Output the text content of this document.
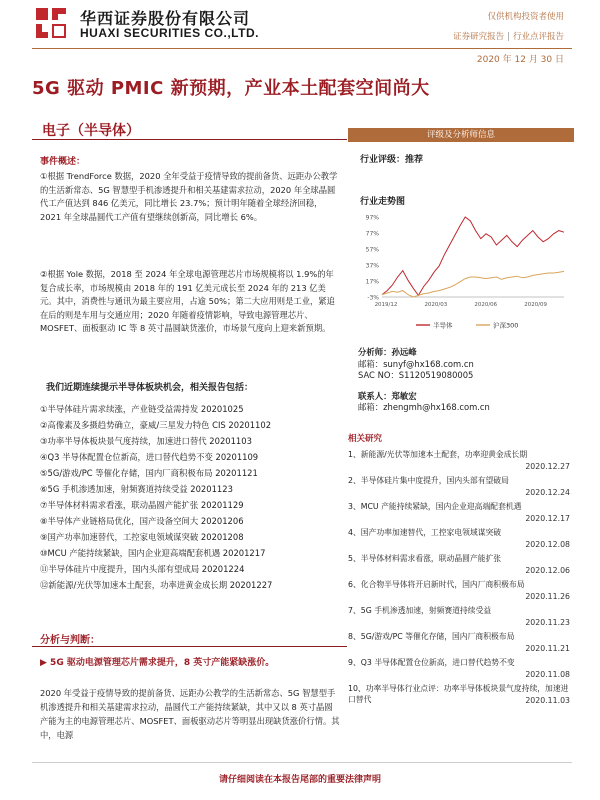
华西证券股份有限公司
HUAXI SECURITIES CO.,LTD.
仅供机构投资者使用
证券研究报告 | 行业点评报告
2020 年 12 月 30 日
5G 驱动 PMIC 新预期，产业本土配套空间尚大
电子（半导体）
事件概述：

①根据 TrendForce 数据，2020 全年受益于疫情导致的提前备货、远距办公教学的生活新常态、5G 智慧型手机渗透提升和相关基建需求拉动，2020 年全球晶圆代工产值达到 846 亿美元，同比增长 23.7%；预计明年随着全球经济回稳，2021 年全球晶圆代工产值有望继续创新高，同比增长 6%。

②根据 Yole 数据，2018 至 2024 年全球电源管理芯片市场规模将以 1.9%的年复合成长率，市场规模由 2018 年的 191 亿美元成长至 2024 年的 213 亿美元。其中，消费性与通讯为最主要应用，占逾 50%；第二大应用则是工业，紧追在后的则是车用与交通应用；2020 年随着疫情影响，导致电源管理芯片、MOSFET、面板驱动 IC 等 8 英寸晶圆缺货涨价，市场景气度向上迎来新预期。

我们近期连续提示半导体板块机会，相关报告包括：
①半导体硅片需求续涨，产业链受益需持发 20201025
②高像素及多摄趋势确立，豪威/三星发力特色 CIS 20201102
③功率半导体板块景气度持续，加速进口替代 20201103
④Q3 半导体配置仓位新高，进口替代趋势不变 20201109
⑤5G/游戏/PC 等催化存储，国内厂商积极布局 20201121
⑥5G 手机渗透加速，射频赛道持续受益 20201123
⑦半导体材料需求看涨，联动晶圆产能扩张 20201129
⑧半导体产业链格局优化，国产设备空间大 20201206
⑨国产功率加速替代，工控家电领域谋突破 20201208
⑩MCU 产能持续紧缺，国内企业迎高端配套机遇 20201217
⑪半导体硅片中度提升，国内头部有望成局 20201224
⑫新能源/光伏等加速本土配套，功率进黄金成长期 20201227
分析与判断：
▶ 5G 驱动电源管理芯片需求提升，8 英寸产能紧缺涨价。
2020 年受益于疫情导致的提前备货、远距办公教学的生活新常态、5G 智慧型手机渗透提升和相关基建需求拉动，晶圆代工产能持续紧缺，其中又以 8 英寸晶圆产能为主的电源管理芯片、MOSFET、面板驱动芯片等明显出现缺货涨价行情。其中，电源
评级及分析师信息
行业评级：推荐
行业走势图
97%
77%
57%
37%
17%
-3%
2019/12	2020/03	2020/06	2020/09
半导体	沪深300
分析师：孙远峰
邮箱：sunyf@hx168.com.cn
SAC NO：S1120519080005
联系人：郑敏宏
邮箱：zhengmh@hx168.com.cn
相关研究
1、新能源/光伏等加速本土配套，功率迎黄金成长期
2020.12.27
2、半导体硅片集中度提升，国内头部有望破局
2020.12.24
3、MCU 产能持续紧缺，国内企业迎高端配套机遇
2020.12.17
4、国产功率加速替代，工控家电领域谋突破
2020.12.08
5、半导体材料需求看涨，联动晶圆产能扩张
2020.12.06
6、化合物半导体将开启新时代，国内厂商积极布局
2020.11.26
7、5G 手机渗透加速，射频赛道持续受益
2020.11.23
8、5G/游戏/PC 等催化存储，国内厂商积极布局
2020.11.21
9、Q3 半导体配置仓位新高，进口替代趋势不变
2020.11.08
10、功率半导体行业点评：功率半导体板块景气度持续，加速进口替代	2020.11.03
请仔细阅读在本报告尾部的重要法律声明
